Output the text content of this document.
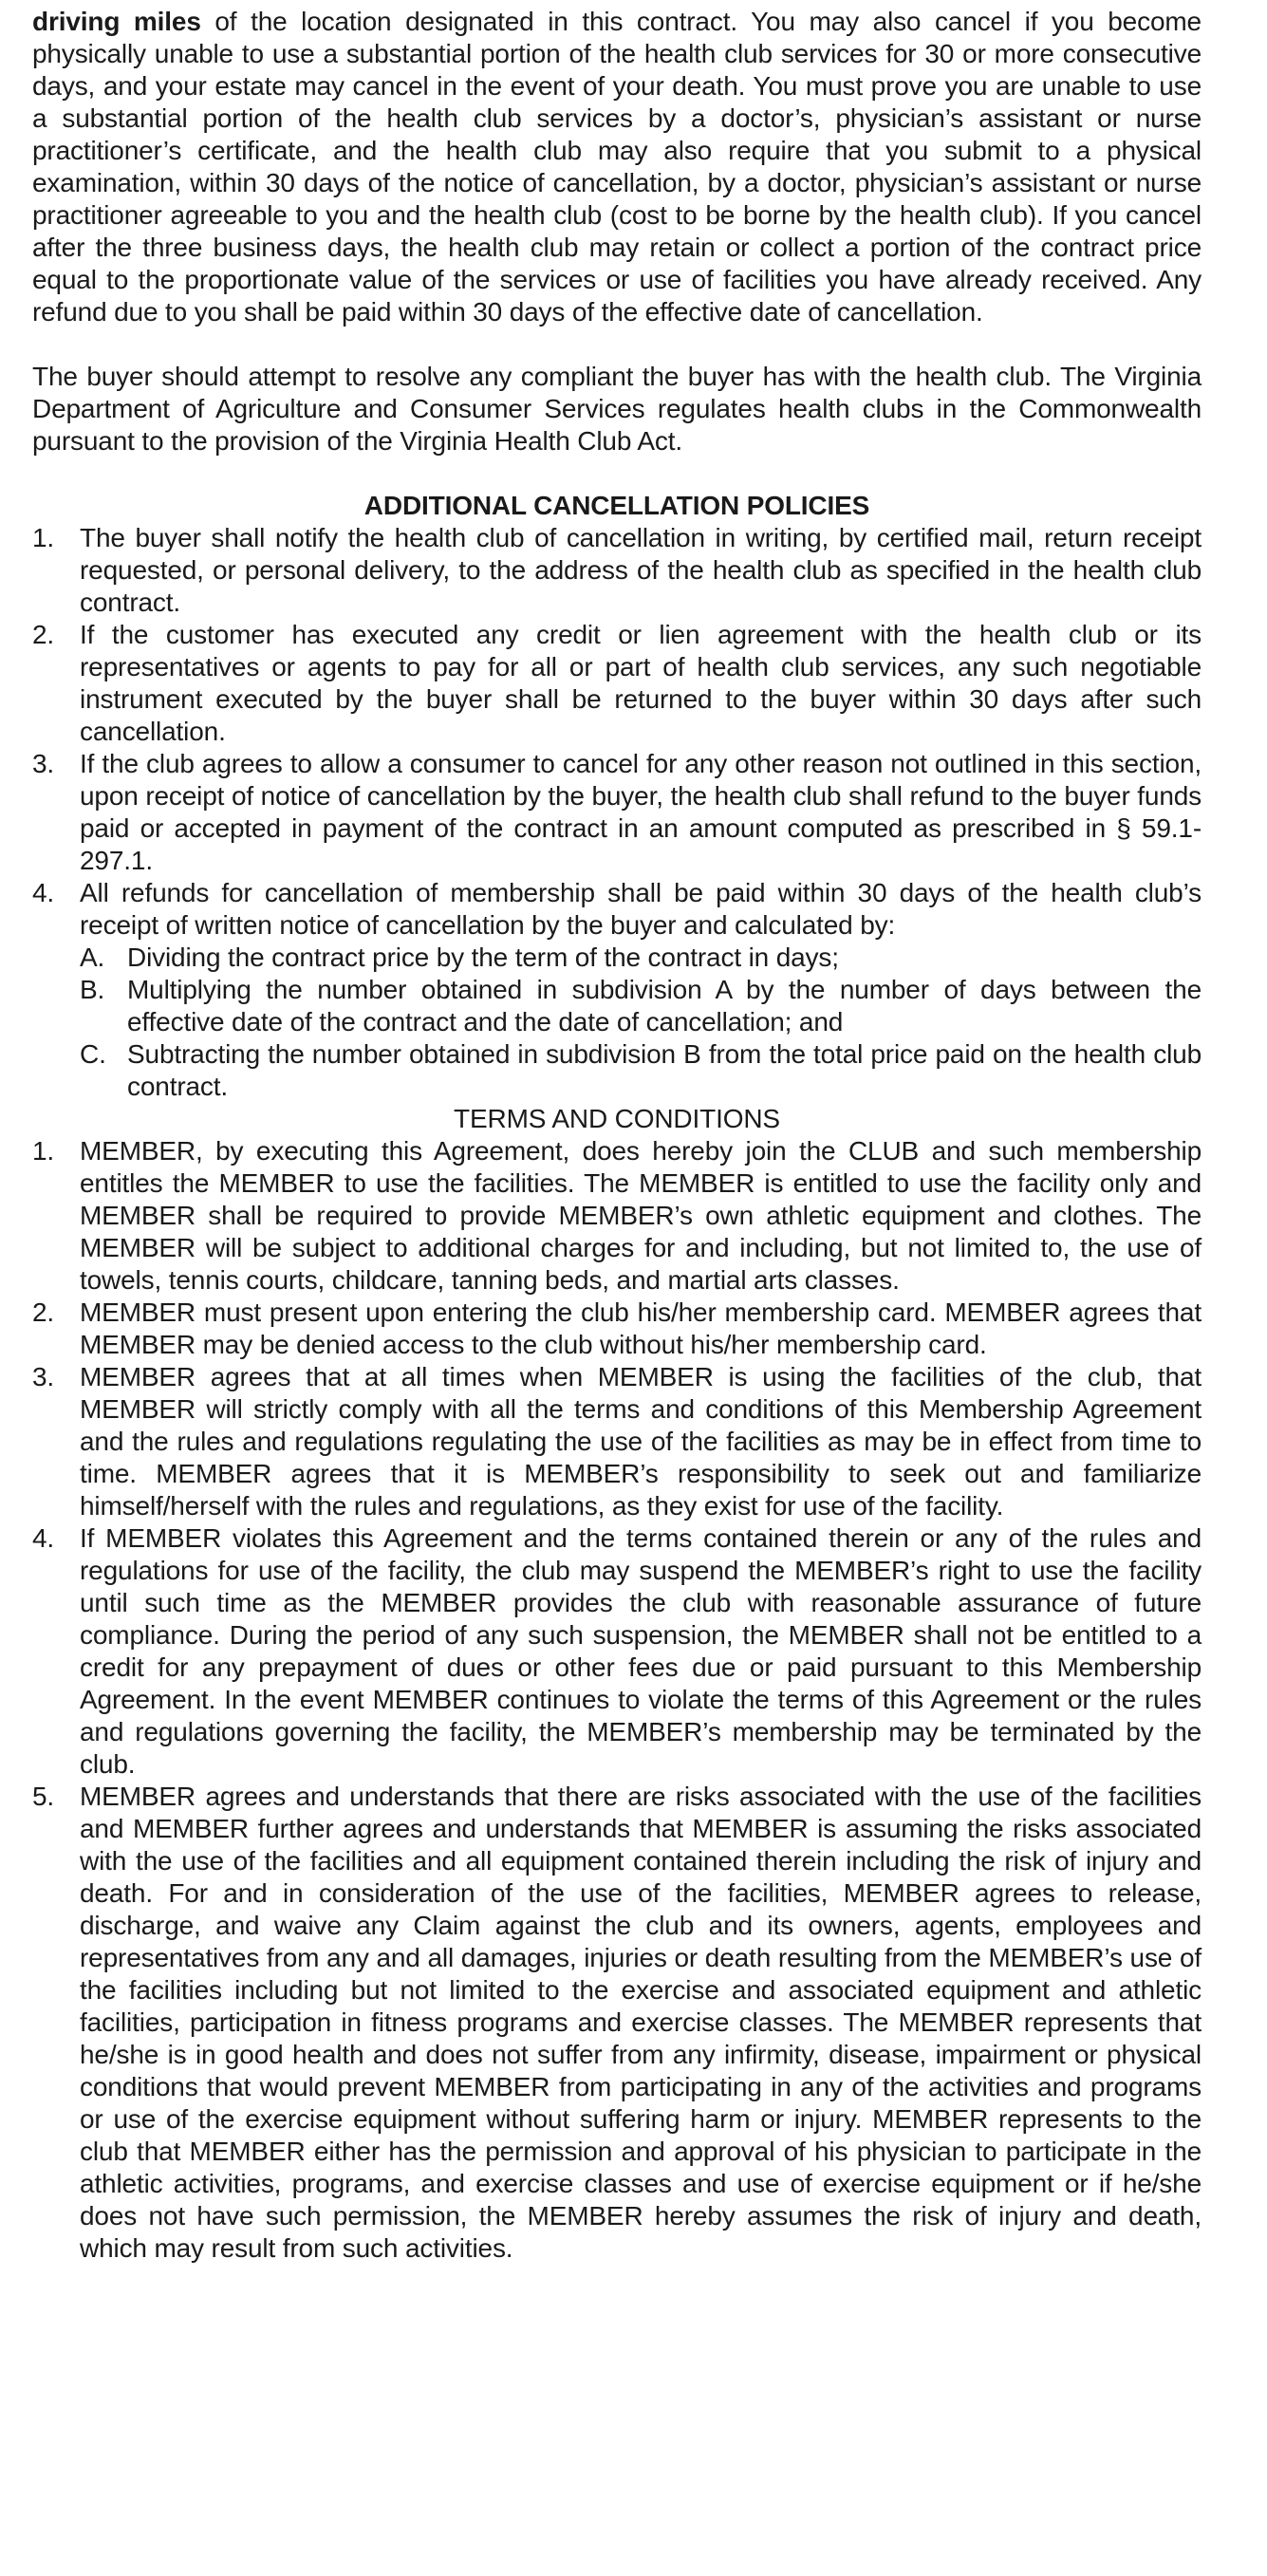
driving miles of the location designated in this contract. You may also cancel if you become physically unable to use a substantial portion of the health club services for 30 or more consecutive days, and your estate may cancel in the event of your death. You must prove you are unable to use a substantial portion of the health club services by a doctor’s, physician’s assistant or nurse practitioner’s certificate, and the health club may also require that you submit to a physical examination, within 30 days of the notice of cancellation, by a doctor, physician’s assistant or nurse practitioner agreeable to you and the health club (cost to be borne by the health club). If you cancel after the three business days, the health club may retain or collect a portion of the contract price equal to the proportionate value of the services or use of facilities you have already received. Any refund due to you shall be paid within 30 days of the effective date of cancellation.

The buyer should attempt to resolve any compliant the buyer has with the health club. The Virginia Department of Agriculture and Consumer Services regulates health clubs in the Commonwealth pursuant to the provision of the Virginia Health Club Act.

ADDITIONAL CANCELLATION POLICIES
1. The buyer shall notify the health club of cancellation in writing, by certified mail, return receipt requested, or personal delivery, to the address of the health club as specified in the health club contract.
2. If the customer has executed any credit or lien agreement with the health club or its representatives or agents to pay for all or part of health club services, any such negotiable instrument executed by the buyer shall be returned to the buyer within 30 days after such cancellation.
3. If the club agrees to allow a consumer to cancel for any other reason not outlined in this section, upon receipt of notice of cancellation by the buyer, the health club shall refund to the buyer funds paid or accepted in payment of the contract in an amount computed as prescribed in § 59.1-297.1.
4. All refunds for cancellation of membership shall be paid within 30 days of the health club’s receipt of written notice of cancellation by the buyer and calculated by:
A. Dividing the contract price by the term of the contract in days;
B. Multiplying the number obtained in subdivision A by the number of days between the effective date of the contract and the date of cancellation; and
C. Subtracting the number obtained in subdivision B from the total price paid on the health club contract.
TERMS AND CONDITIONS
1. MEMBER, by executing this Agreement, does hereby join the CLUB and such membership entitles the MEMBER to use the facilities. The MEMBER is entitled to use the facility only and MEMBER shall be required to provide MEMBER’s own athletic equipment and clothes. The MEMBER will be subject to additional charges for and including, but not limited to, the use of towels, tennis courts, childcare, tanning beds, and martial arts classes.
2. MEMBER must present upon entering the club his/her membership card. MEMBER agrees that MEMBER may be denied access to the club without his/her membership card.
3. MEMBER agrees that at all times when MEMBER is using the facilities of the club, that MEMBER will strictly comply with all the terms and conditions of this Membership Agreement and the rules and regulations regulating the use of the facilities as may be in effect from time to time. MEMBER agrees that it is MEMBER’s responsibility to seek out and familiarize himself/herself with the rules and regulations, as they exist for use of the facility.
4. If MEMBER violates this Agreement and the terms contained therein or any of the rules and regulations for use of the facility, the club may suspend the MEMBER’s right to use the facility until such time as the MEMBER provides the club with reasonable assurance of future compliance. During the period of any such suspension, the MEMBER shall not be entitled to a credit for any prepayment of dues or other fees due or paid pursuant to this Membership Agreement. In the event MEMBER continues to violate the terms of this Agreement or the rules and regulations governing the facility, the MEMBER’s membership may be terminated by the club.
5. MEMBER agrees and understands that there are risks associated with the use of the facilities and MEMBER further agrees and understands that MEMBER is assuming the risks associated with the use of the facilities and all equipment contained therein including the risk of injury and death. For and in consideration of the use of the facilities, MEMBER agrees to release, discharge, and waive any Claim against the club and its owners, agents, employees and representatives from any and all damages, injuries or death resulting from the MEMBER’s use of the facilities including but not limited to the exercise and associated equipment and athletic facilities, participation in fitness programs and exercise classes. The MEMBER represents that he/she is in good health and does not suffer from any infirmity, disease, impairment or physical conditions that would prevent MEMBER from participating in any of the activities and programs or use of the exercise equipment without suffering harm or injury. MEMBER represents to the club that MEMBER either has the permission and approval of his physician to participate in the athletic activities, programs, and exercise classes and use of exercise equipment or if he/she does not have such permission, the MEMBER hereby assumes the risk of injury and death, which may result from such activities.
